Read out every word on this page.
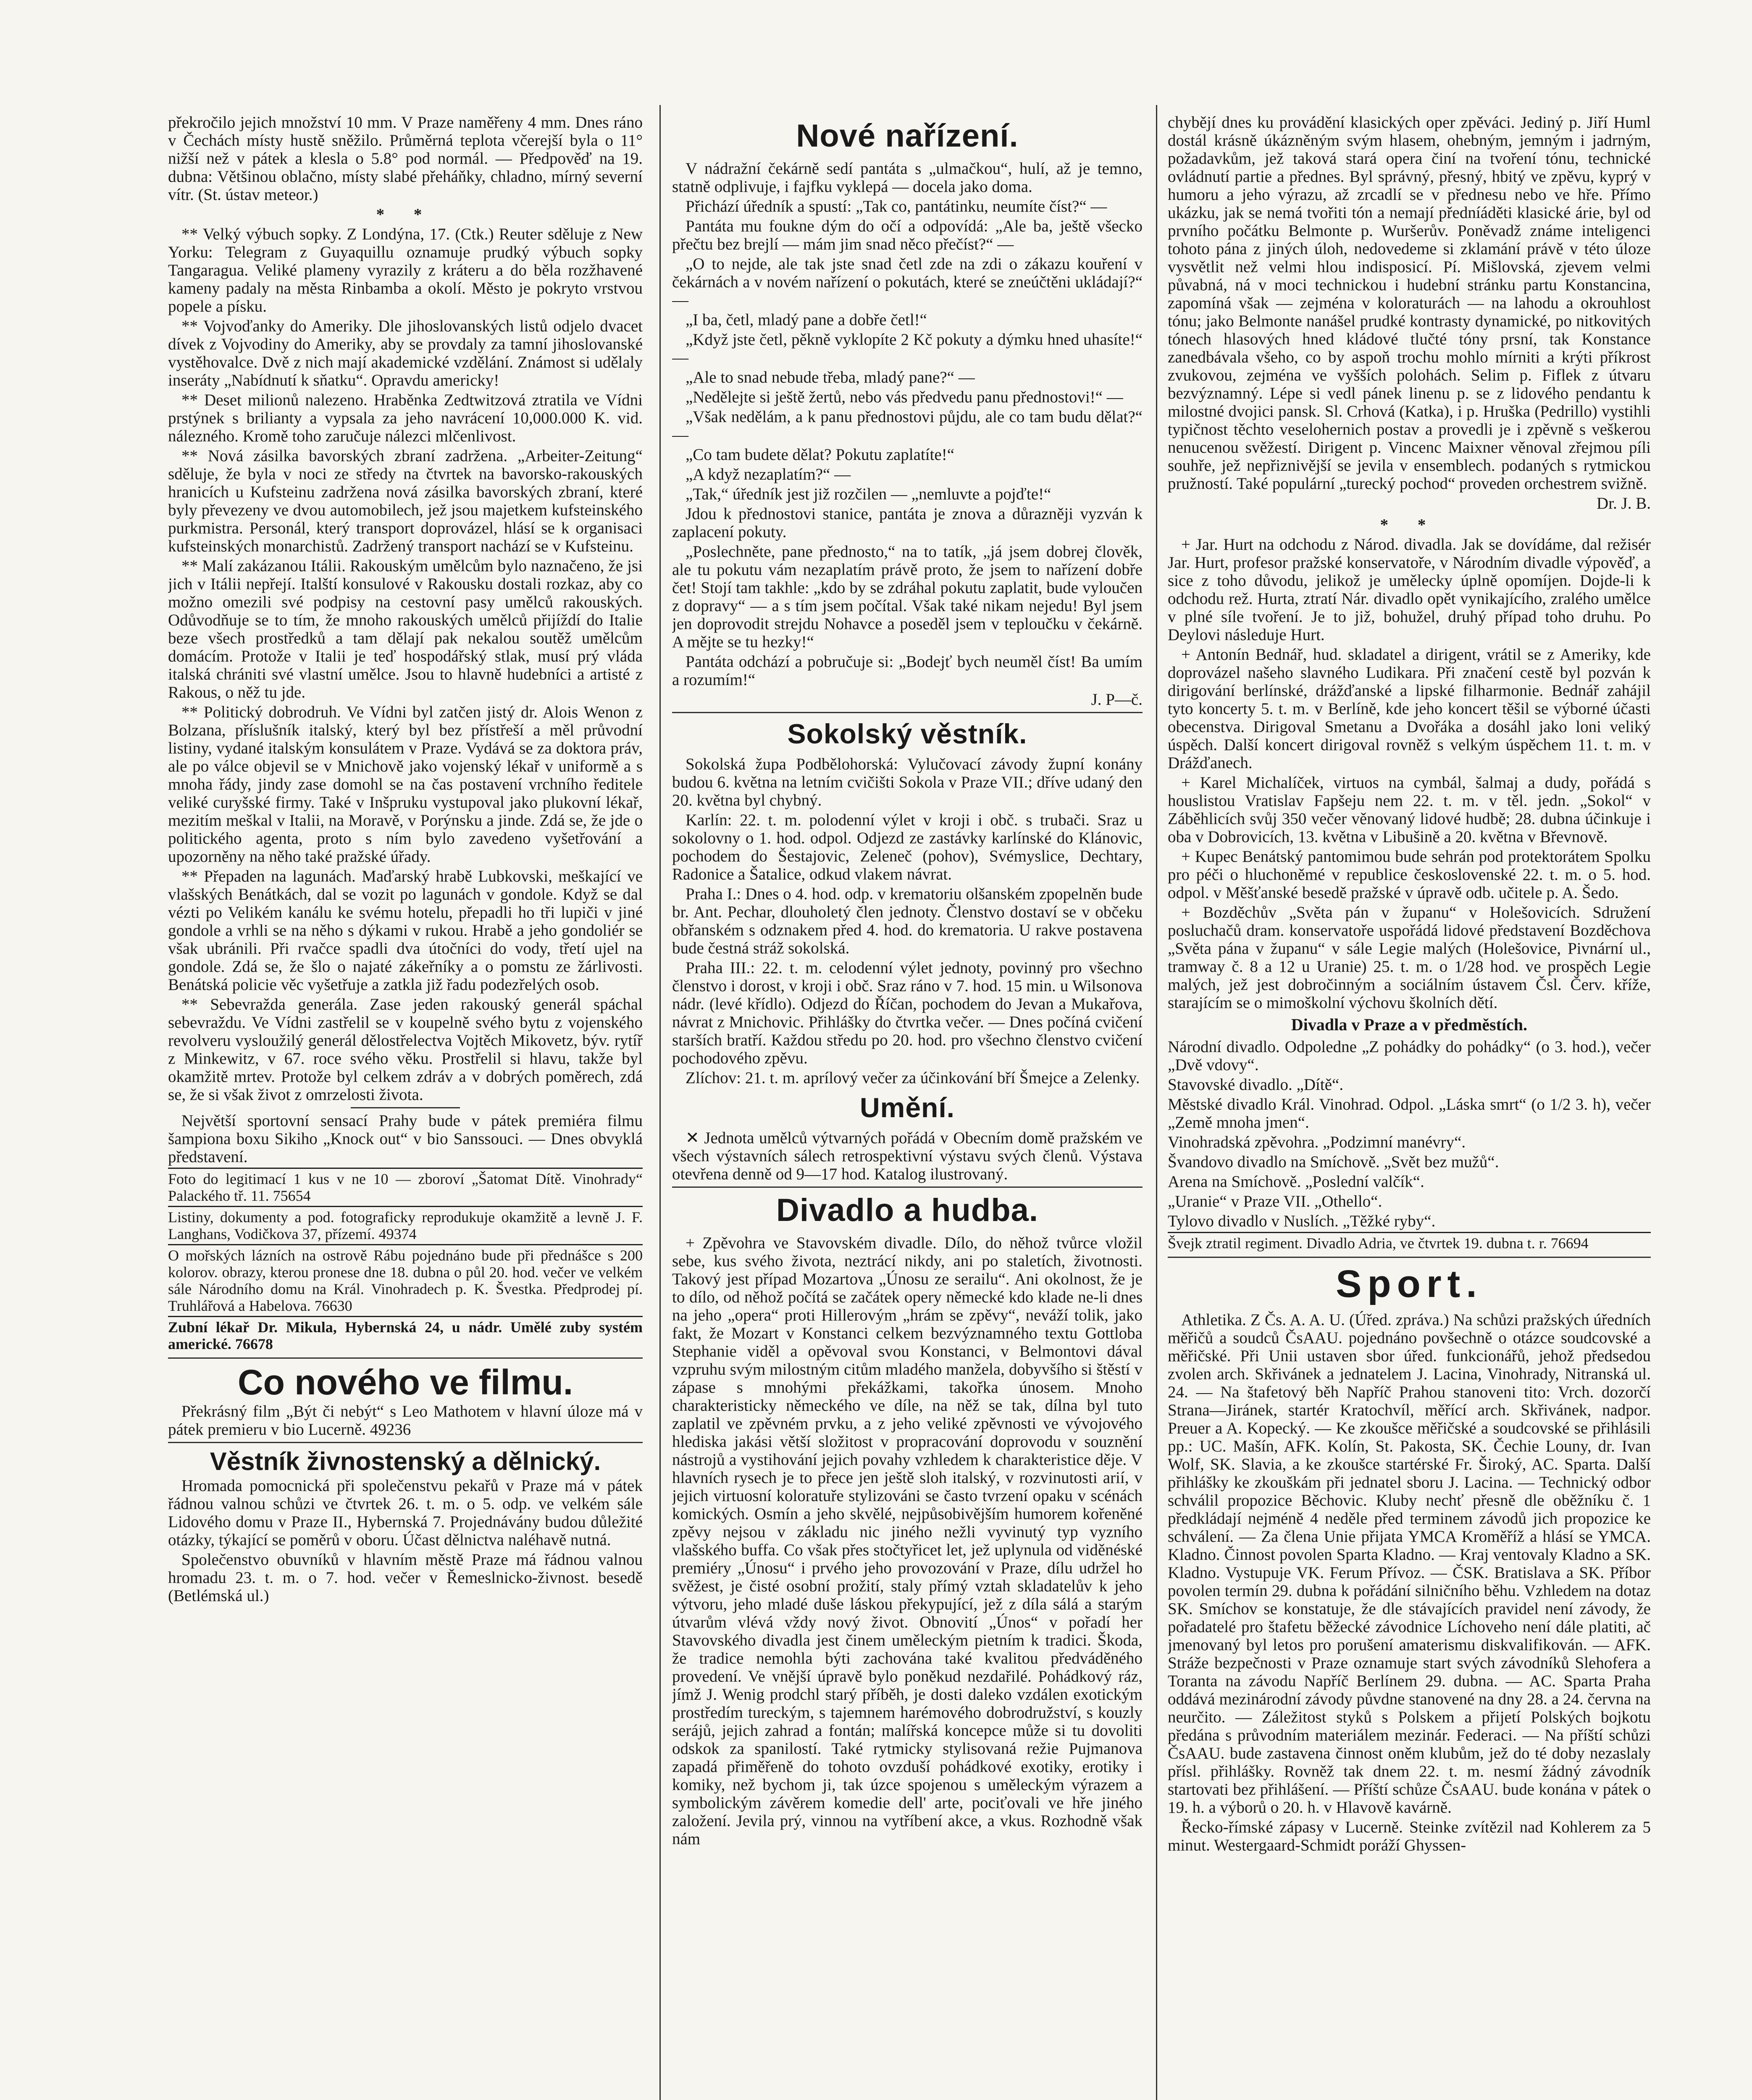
překročilo jejich množství 10 mm. V Praze naměřeny 4 mm. Dnes ráno v Čechách místy hustě sněžilo. Průměrná teplota včerejší byla o 11° nižší než v pátek a klesla o 5.8° pod normál. — Předpověď na 19. dubna: Většinou oblačno, místy slabé přeháňky, chladno, mírný severní vítr. (St. ústav meteor.)

* *

** Velký výbuch sopky. Z Londýna, 17. (Ctk.) Reuter sděluje z New Yorku: Telegram z Guyaquillu oznamuje prudký výbuch sopky Tangaragua. Veliké plameny vyrazily z kráteru a do běla rozžhavené kameny padaly na města Rinbamba a okolí. Město je pokryto vrstvou popele a písku.

** Vojvoďanky do Ameriky. Dle jihoslovanských listů odjelo dvacet dívek z Vojvodiny do Ameriky, aby se provdaly za tamní jihoslovanské vystěhovalce. Dvě z nich mají akademické vzdělání. Známost si udělaly inseráty „Nabídnutí k sňatku“. Opravdu americky!

** Deset milionů nalezeno. Hraběnka Zedtwitzová ztratila ve Vídni prstýnek s brilianty a vypsala za jeho navrácení 10,000.000 K. vid. nálezného. Kromě toho zaručuje nálezci mlčenlivost.

** Nová zásilka bavorských zbraní zadržena. „Arbeiter-Zeitung“ sděluje, že byla v noci ze středy na čtvrtek na bavorsko-rakouských hranicích u Kufsteinu zadržena nová zásilka bavorských zbraní, které byly převezeny ve dvou automobilech, jež jsou majetkem kufsteinského purkmistra. Personál, který transport doprovázel, hlásí se k organisaci kufsteinských monarchistů. Zadržený transport nachází se v Kufsteinu.

** Malí zakázanou Itálii. Rakouským umělcům bylo naznačeno, že jsi jich v Itálii nepřejí. Italští konsulové v Rakousku dostali rozkaz, aby co možno omezili své podpisy na cestovní pasy umělců rakouských. Odůvodňuje se to tím, že mnoho rakouských umělců přijíždí do Italie beze všech prostředků a tam dělají pak nekalou soutěž umělcům domácím. Protože v Italii je teď hospodářský stlak, musí prý vláda italská chrániti své vlastní umělce. Jsou to hlavně hudebníci a artisté z Rakous, o něž tu jde.

** Politický dobrodruh. Ve Vídni byl zatčen jistý dr. Alois Wenon z Bolzana, příslušník italský, který byl bez přístřeší a měl průvodní listiny, vydané italským konsulátem v Praze. Vydává se za doktora práv, ale po válce objevil se v Mnichově jako vojenský lékař v uniformě a s mnoha řády, jindy zase domohl se na čas postavení vrchního ředitele veliké curyšské firmy. Také v Inšpruku vystupoval jako plukovní lékař, mezitím meškal v Italii, na Moravě, v Porýnsku a jinde. Zdá se, že jde o politického agenta, proto s ním bylo zavedeno vyšetřování a upozorněny na něho také pražské úřady.

** Přepaden na lagunách. Maďarský hrabě Lubkovski, meškající ve vlašských Benátkách, dal se vozit po lagunách v gondole. Když se dal vézti po Velikém kanálu ke svému hotelu, přepadli ho tři lupiči v jiné gondole a vrhli se na něho s dýkami v rukou. Hrabě a jeho gondoliér se však ubránili. Při rvačce spadli dva útočníci do vody, třetí ujel na gondole. Zdá se, že šlo o najaté zákeřníky a o pomstu ze žárlivosti. Benátská policie věc vyšetřuje a zatkla již řadu podezřelých osob.

** Sebevražda generála. Zase jeden rakouský generál spáchal sebevraždu. Ve Vídni zastřelil se v koupelně svého bytu z vojenského revolveru vysloužilý generál dělostřelectva Vojtěch Mikovetz, býv. rytíř z Minkewitz, v 67. roce svého věku. Prostřelil si hlavu, takže byl okamžitě mrtev. Protože byl celkem zdráv a v dobrých poměrech, zdá se, že si však život z omrzelosti života.

Největší sportovní sensací Prahy bude v pátek premiéra filmu šampiona boxu Sikiho „Knock out“ v bio Sanssouci. — Dnes obvyklá představení.

Foto do legitimací 1 kus v ne 10 — zboroví „Šatomat Dítě. Vinohrady“ Palackého tř. 11. 75654
Listiny, dokumenty a pod. fotograficky reprodukuje okamžitě a levně J. F. Langhans, Vodičkova 37, přízemí. 49374
O mořských lázních na ostrově Rábu pojednáno bude při přednášce s 200 kolorov. obrazy, kterou pronese dne 18. dubna o půl 20. hod. večer ve velkém sále Národního domu na Král. Vinohradech p. K. Švestka. Předprodej pí. Truhlářová a Habelova. 76630
Zubní lékař Dr. Mikula, Hybernská 24, u nádr. Umělé zuby systém americké. 76678
Co nového ve filmu.

Překrásný film „Být či nebýt“ s Leo Mathotem v hlavní úloze má v pátek premieru v bio Lucerně. 49236

Věstník živnostenský a dělnický.

Hromada pomocnická při společenstvu pekařů v Praze má v pátek řádnou valnou schůzi ve čtvrtek 26. t. m. o 5. odp. ve velkém sále Lidového domu v Praze II., Hybernská 7. Projednávány budou důležité otázky, týkající se poměrů v oboru. Účast dělnictva naléhavě nutná.

Společenstvo obuvníků v hlavním městě Praze má řádnou valnou hromadu 23. t. m. o 7. hod. večer v Řemeslnicko-živnost. besedě (Betlémská ul.)

Nové nařízení.

V nádražní čekárně sedí pantáta s „ulmačkou“, hulí, až je temno, statně odplivuje, i fajfku vyklepá — docela jako doma.

Přichází úředník a spustí: „Tak co, pantátinku, neumíte číst?“ —

Pantáta mu foukne dým do očí a odpovídá: „Ale ba, ještě všecko přečtu bez brejlí — mám jim snad něco přečíst?“ —

„O to nejde, ale tak jste snad četl zde na zdi o zákazu kouření v čekárnách a v novém nařízení o pokutách, které se zneúčtěni ukládají?“ —

„I ba, četl, mladý pane a dobře četl!“

„Když jste četl, pěkně vyklopíte 2 Kč pokuty a dýmku hned uhasíte!“ —

„Ale to snad nebude třeba, mladý pane?“ —

„Nedělejte si ještě žertů, nebo vás předvedu panu přednostovi!“ —

„Však nedělám, a k panu přednostovi půjdu, ale co tam budu dělat?“ —

„Co tam budete dělat? Pokutu zaplatíte!“

„A když nezaplatím?“ —

„Tak,“ úředník jest již rozčilen — „nemluvte a pojďte!“

Jdou k přednostovi stanice, pantáta je znova a důrazněji vyzván k zaplacení pokuty.

„Poslechněte, pane přednosto,“ na to tatík, „já jsem dobrej člověk, ale tu pokutu vám nezaplatím právě proto, že jsem to nařízení dobře čet! Stojí tam takhle: „kdo by se zdráhal pokutu zaplatit, bude vyloučen z dopravy“ — a s tím jsem počítal. Však také nikam nejedu! Byl jsem jen doprovodit strejdu Nohavce a poseděl jsem v teploučku v čekárně. A mějte se tu hezky!“

Pantáta odchází a pobručuje si: „Bodejť bych neuměl číst! Ba umím a rozumím!“

J. P—č.
Sokolský věstník.

Sokolská župa Podbělohorská: Vylučovací závody župní konány budou 6. května na letním cvičišti Sokola v Praze VII.; dříve udaný den 20. května byl chybný.

Karlín: 22. t. m. polodenní výlet v kroji i obč. s trubači. Sraz u sokolovny o 1. hod. odpol. Odjezd ze zastávky karlínské do Klánovic, pochodem do Šestajovic, Zeleneč (pohov), Svémyslice, Dechtary, Radonice a Šatalice, odkud vlakem návrat.

Praha I.: Dnes o 4. hod. odp. v krematoriu olšanském zpopelněn bude br. Ant. Pechar, dlouholetý člen jednoty. Členstvo dostaví se v občeku obřanském s odznakem před 4. hod. do krematoria. U rakve postavena bude čestná stráž sokolská.

Praha III.: 22. t. m. celodenní výlet jednoty, povinný pro všechno členstvo i dorost, v kroji i obč. Sraz ráno v 7. hod. 15 min. u Wilsonova nádr. (levé křídlo). Odjezd do Říčan, pochodem do Jevan a Mukařova, návrat z Mnichovic. Přihlášky do čtvrtka večer. — Dnes počíná cvičení starších bratří. Každou středu po 20. hod. pro všechno členstvo cvičení pochodového zpěvu.

Zlíchov: 21. t. m. aprílový večer za účinkování bří Šmejce a Zelenky.

Umění.

✕ Jednota umělců výtvarných pořádá v Obecním domě pražském ve všech výstavních sálech retrospektivní výstavu svých členů. Výstava otevřena denně od 9—17 hod. Katalog ilustrovaný.

Divadlo a hudba.

+ Zpěvohra ve Stavovském divadle. Dílo, do něhož tvůrce vložil sebe, kus svého života, neztrácí nikdy, ani po staletích, životnosti. Takový jest případ Mozartova „Únosu ze serailu“. Ani okolnost, že je to dílo, od něhož počítá se začátek opery německé kdo klade ne-li dnes na jeho „opera“ proti Hillerovým „hrám se zpěvy“, neváží tolik, jako fakt, že Mozart v Konstanci celkem bezvýznamného textu Gottloba Stephanie viděl a opěvoval svou Konstanci, v Belmontovi dával vzpruhu svým milostným citům mladého manžela, dobyvšího si štěstí v zápase s mnohými překážkami, takořka únosem. Mnoho charakteristicky německého ve díle, na něž se tak, dílna byl tuto zaplatil ve zpěvném prvku, a z jeho veliké zpěvnosti ve vývojového hlediska jakási větší složitost v propracování doprovodu v souznění nástrojů a vystihování jejich povahy vzhledem k charakteristice děje. V hlavních rysech je to přece jen ještě sloh italský, v rozvinutosti arií, v jejich virtuosní koloratuře stylizováni se často tvrzení opaku v scénách komických. Osmín a jeho skvělé, nejpůsobivějším humorem kořeněné zpěvy nejsou v základu nic jiného nežli vyvinutý typ vyzního vlašského buffa. Co však přes stočtyřicet let, jež uplynula od viděnéské premiéry „Únosu“ i prvého jeho provozování v Praze, dílu udržel ho svěžest, je čisté osobní prožití, staly přímý vztah skladatelův k jeho výtvoru, jeho mladé duše láskou překypující, jež z díla sálá a starým útvarům vlévá vždy nový život. Obnovití „Únos“ v pořadí her Stavovského divadla jest činem uměleckým pietním k tradici. Škoda, že tradice nemohla býti zachována také kvalitou předváděného provedení. Ve vnější úpravě bylo poněkud nezdařilé. Pohádkový ráz, jímž J. Wenig prodchl starý příběh, je dosti daleko vzdálen exotickým prostředím tureckým, s tajemnem harémového dobrodružství, s kouzly serájů, jejich zahrad a fontán; malířská koncepce může si tu dovoliti odskok za spanilostí. Také rytmicky stylisovaná režie Pujmanova zapadá přiměřeně do tohoto ovzduší pohádkové exotiky, erotiky i komiky, než bychom ji, tak úzce spojenou s uměleckým výrazem a symbolickým závěrem komedie dell' arte, pociťovali ve hře jiného založení. Jevila prý, vinnou na vytříbení akce, a vkus. Rozhodně však nám

chybějí dnes ku provádění klasických oper zpěváci. Jediný p. Jiří Huml dostál krásně úkázněným svým hlasem, ohebným, jemným i jadrným, požadavkům, jež taková stará opera činí na tvoření tónu, technické ovládnutí partie a přednes. Byl správný, přesný, hbitý ve zpěvu, kyprý v humoru a jeho výrazu, až zrcadlí se v přednesu nebo ve hře. Přímo ukázku, jak se nemá tvořiti tón a nemají předníáděti klasické árie, byl od prvního počátku Belmonte p. Wuršerův. Poněvadž známe inteligenci tohoto pána z jiných úloh, nedovedeme si zklamání právě v této úloze vysvětlit než velmi hlou indisposicí. Pí. Mišlovská, zjevem velmi půvabná, ná v moci technickou i hudební stránku partu Konstancina, zapomíná však — zejména v koloraturách — na lahodu a okrouhlost tónu; jako Belmonte nanášel prudké kontrasty dynamické, po nitkovitých tónech hlasových hned kládové tlučté tóny prsní, tak Konstance zanedbávala všeho, co by aspoň trochu mohlo mírniti a krýti příkrost zvukovou, zejména ve vyšších polohách. Selim p. Fiflek z útvaru bezvýznamný. Lépe si vedl pánek linenu p. se z lidového pendantu k milostné dvojici pansk. Sl. Crhová (Katka), i p. Hruška (Pedrillo) vystihli typičnost těchto veselohernich postav a provedli je i zpěvně s veškerou nenucenou svěžestí. Dirigent p. Vincenc Maixner věnoval zřejmou píli souhře, jež nepřiznivější se jevila v ensemblech. podaných s rytmickou pružností. Také populární „turecký pochod“ proveden orchestrem svižně.

Dr. J. B.
* *

+ Jar. Hurt na odchodu z Národ. divadla. Jak se dovídáme, dal režisér Jar. Hurt, profesor pražské konservatoře, v Národním divadle výpověď, a sice z toho důvodu, jelikož je umělecky úplně opomíjen. Dojde-li k odchodu rež. Hurta, ztratí Nár. divadlo opět vynikajícího, zralého umělce v plné síle tvoření. Je to již, bohužel, druhý případ toho druhu. Po Deylovi následuje Hurt.

+ Antonín Bednář, hud. skladatel a dirigent, vrátil se z Ameriky, kde doprovázel našeho slavného Ludikara. Při značení cestě byl pozván k dirigování berlínské, drážďanské a lipské filharmonie. Bednář zahájil tyto koncerty 5. t. m. v Berlíně, kde jeho koncert těšil se výborné účasti obecenstva. Dirigoval Smetanu a Dvořáka a dosáhl jako loni veliký úspěch. Další koncert dirigoval rovněž s velkým úspěchem 11. t. m. v Drážďanech.

+ Karel Michalíček, virtuos na cymbál, šalmaj a dudy, pořádá s houslistou Vratislav Fapšeju nem 22. t. m. v těl. jedn. „Sokol“ v Záběhlicích svůj 350 večer věnovaný lidové hudbě; 28. dubna účinkuje i oba v Dobrovicích, 13. května v Libušině a 20. května v Břevnově.

+ Kupec Benátský pantomimou bude sehrán pod protektorátem Spolku pro péči o hluchoněmé v republice československé 22. t. m. o 5. hod. odpol. v Měšťanské besedě pražské v úpravě odb. učitele p. A. Šedo.

+ Bozděchův „Světa pán v županu“ v Holešovicích. Sdružení posluchačů dram. konservatoře uspořádá lidové představení Bozděchova „Světa pána v županu“ v sále Legie malých (Holešovice, Pivnární ul., tramway č. 8 a 12 u Uranie) 25. t. m. o 1/28 hod. ve prospěch Legie malých, jež jest dobročinným a sociálním ústavem Čsl. Červ. kříže, starajícím se o mimoškolní výchovu školních dětí.

Divadla v Praze a v předměstích.

Národní divadlo. Odpoledne „Z pohádky do pohádky“ (o 3. hod.), večer „Dvě vdovy“.

Stavovské divadlo. „Dítě“.

Městské divadlo Král. Vinohrad. Odpol. „Láska smrt“ (o 1/2 3. h), večer „Země mnoha jmen“.

Vinohradská zpěvohra. „Podzimní manévry“.

Švandovo divadlo na Smíchově. „Svět bez mužů“.

Arena na Smíchově. „Poslední valčík“.

„Uranie“ v Praze VII. „Othello“.

Tylovo divadlo v Nuslích. „Těžké ryby“.

Švejk ztratil regiment. Divadlo Adria, ve čtvrtek 19. dubna t. r. 76694
Sport.

Athletika. Z Čs. A. A. U. (Úřed. zpráva.) Na schůzi pražských úředních měřičů a soudců ČsAAU. pojednáno povšechně o otázce soudcovské a měřičské. Při Unii ustaven sbor úřed. funkcionářů, jehož předsedou zvolen arch. Skřivánek a jednatelem J. Lacina, Vinohrady, Nitranská ul. 24. — Na štafetový běh Napříč Prahou stanoveni tito: Vrch. dozorčí Strana—Jiránek, startér Kratochvíl, měřící arch. Skřivánek, nadpor. Preuer a A. Kopecký. — Ke zkoušce měřičské a soudcovské se přihlásili pp.: UC. Mašín, AFK. Kolín, St. Pakosta, SK. Čechie Louny, dr. Ivan Wolf, SK. Slavia, a ke zkoušce startérské Fr. Široký, AC. Sparta. Další přihlášky ke zkouškám při jednatel sboru J. Lacina. — Technický odbor schválil propozice Běchovic. Kluby nechť přesně dle oběžníku č. 1 předkládají nejméně 4 neděle před terminem závodů jich propozice ke schválení. — Za člena Unie přijata YMCA Kroměříž a hlásí se YMCA. Kladno. Činnost povolen Sparta Kladno. — Kraj ventovaly Kladno a SK. Kladno. Vystupuje VK. Ferum Přívoz. — ČSK. Bratislava a SK. Příbor povolen termín 29. dubna k pořádání silničního běhu. Vzhledem na dotaz SK. Smíchov se konstatuje, že dle stávajících pravidel není závody, že pořadatelé pro štafetu běžecké závodnice Líchoveho není dále platiti, ač jmenovaný byl letos pro porušení amaterismu diskvalifikován. — AFK. Stráže bezpečnosti v Praze oznamuje start svých závodníků Slehofera a Toranta na závodu Napříč Berlínem 29. dubna. — AC. Sparta Praha oddává mezinárodní závody půvdne stanovené na dny 28. a 24. června na neurčito. — Záležitost styků s Polskem a přijetí Polských bojkotu předána s průvodním materiálem mezinár. Federaci. — Na příští schůzi ČsAAU. bude zastavena činnost oněm klubům, jež do té doby nezaslaly přísl. přihlášky. Rovněž tak dnem 22. t. m. nesmí žádný závodník startovati bez přihlášení. — Příští schůze ČsAAU. bude konána v pátek o 19. h. a výborů o 20. h. v Hlavově kavárně.

Řecko-římské zápasy v Lucerně. Steinke zvítězil nad Kohlerem za 5 minut. Westergaard-Schmidt poráží Ghyssen-
